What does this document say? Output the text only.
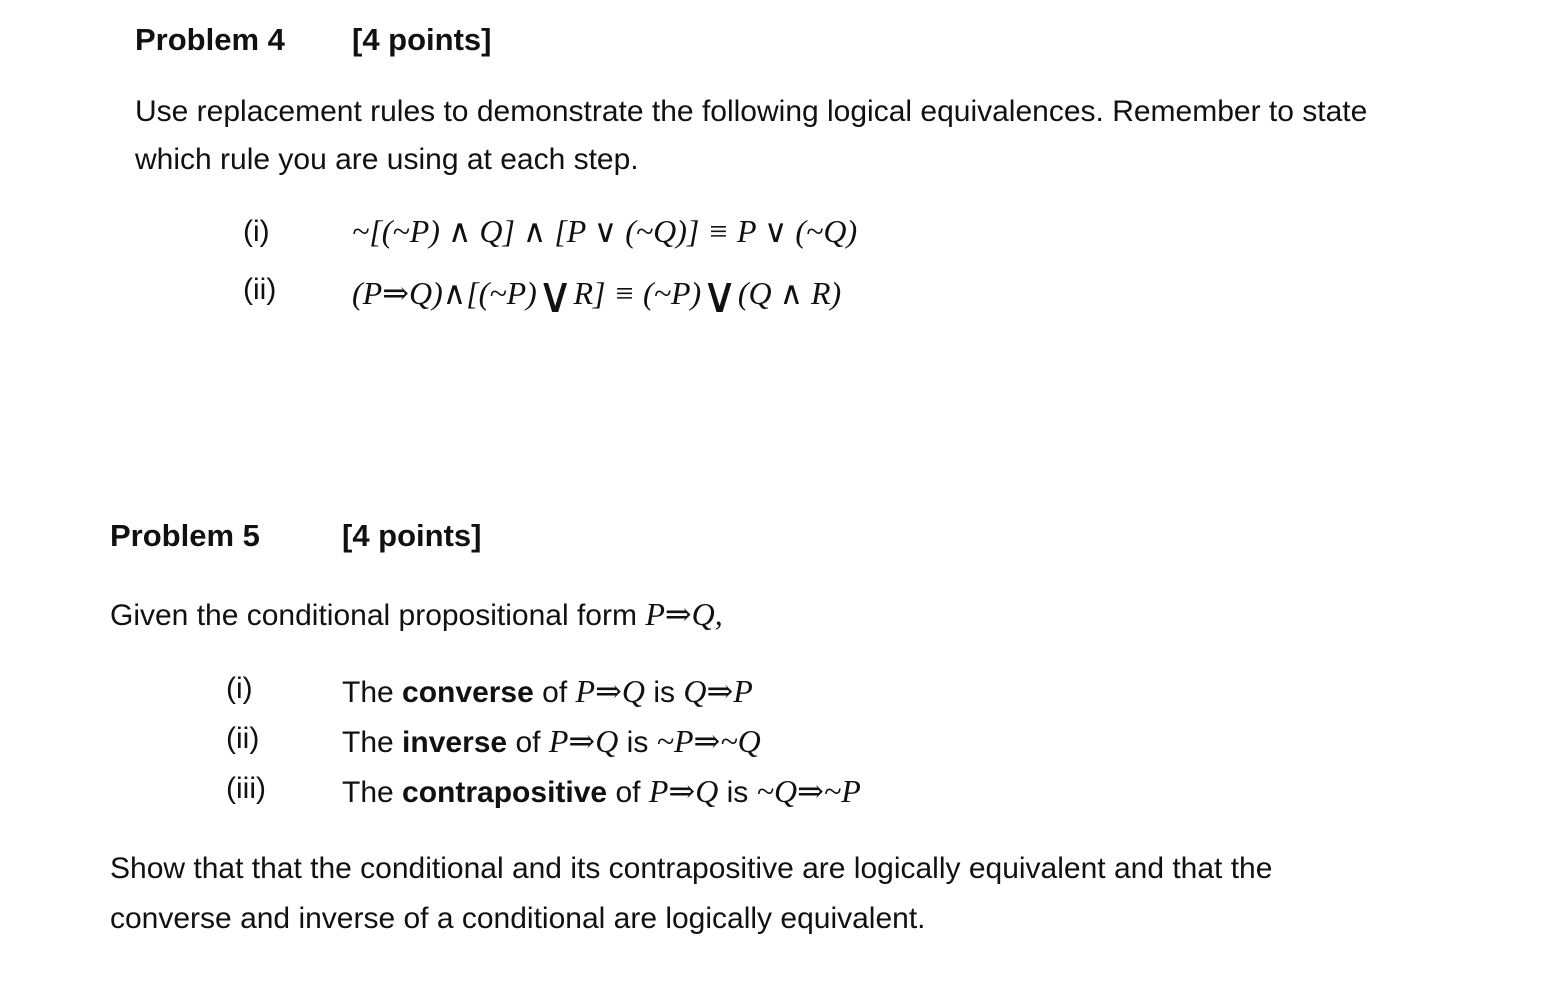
Problem 4 [4 points]
Use replacement rules to demonstrate the following logical equivalences. Remember to state
which rule you are using at each step.
(i)	~[(~P) ∧ Q] ∧ [P ∨ (~Q)] ≡ P ∨ (~Q)
(ii) (P⇒Q)∧[(~P)∨R] ≡ (~P)∨(Q ∧ R)
Problem 5	[4 points]
Given the conditional propositional form P⇒Q,
(i)	The converse of P⇒Q is Q⇒P
(ii)	The inverse of P⇒Q is ~P⇒~Q
(iii)	The contrapositive of P⇒Q is ~Q⇒~P
Show that that the conditional and its contrapositive are logically equivalent and that the
converse and inverse of a conditional are logically equivalent.
